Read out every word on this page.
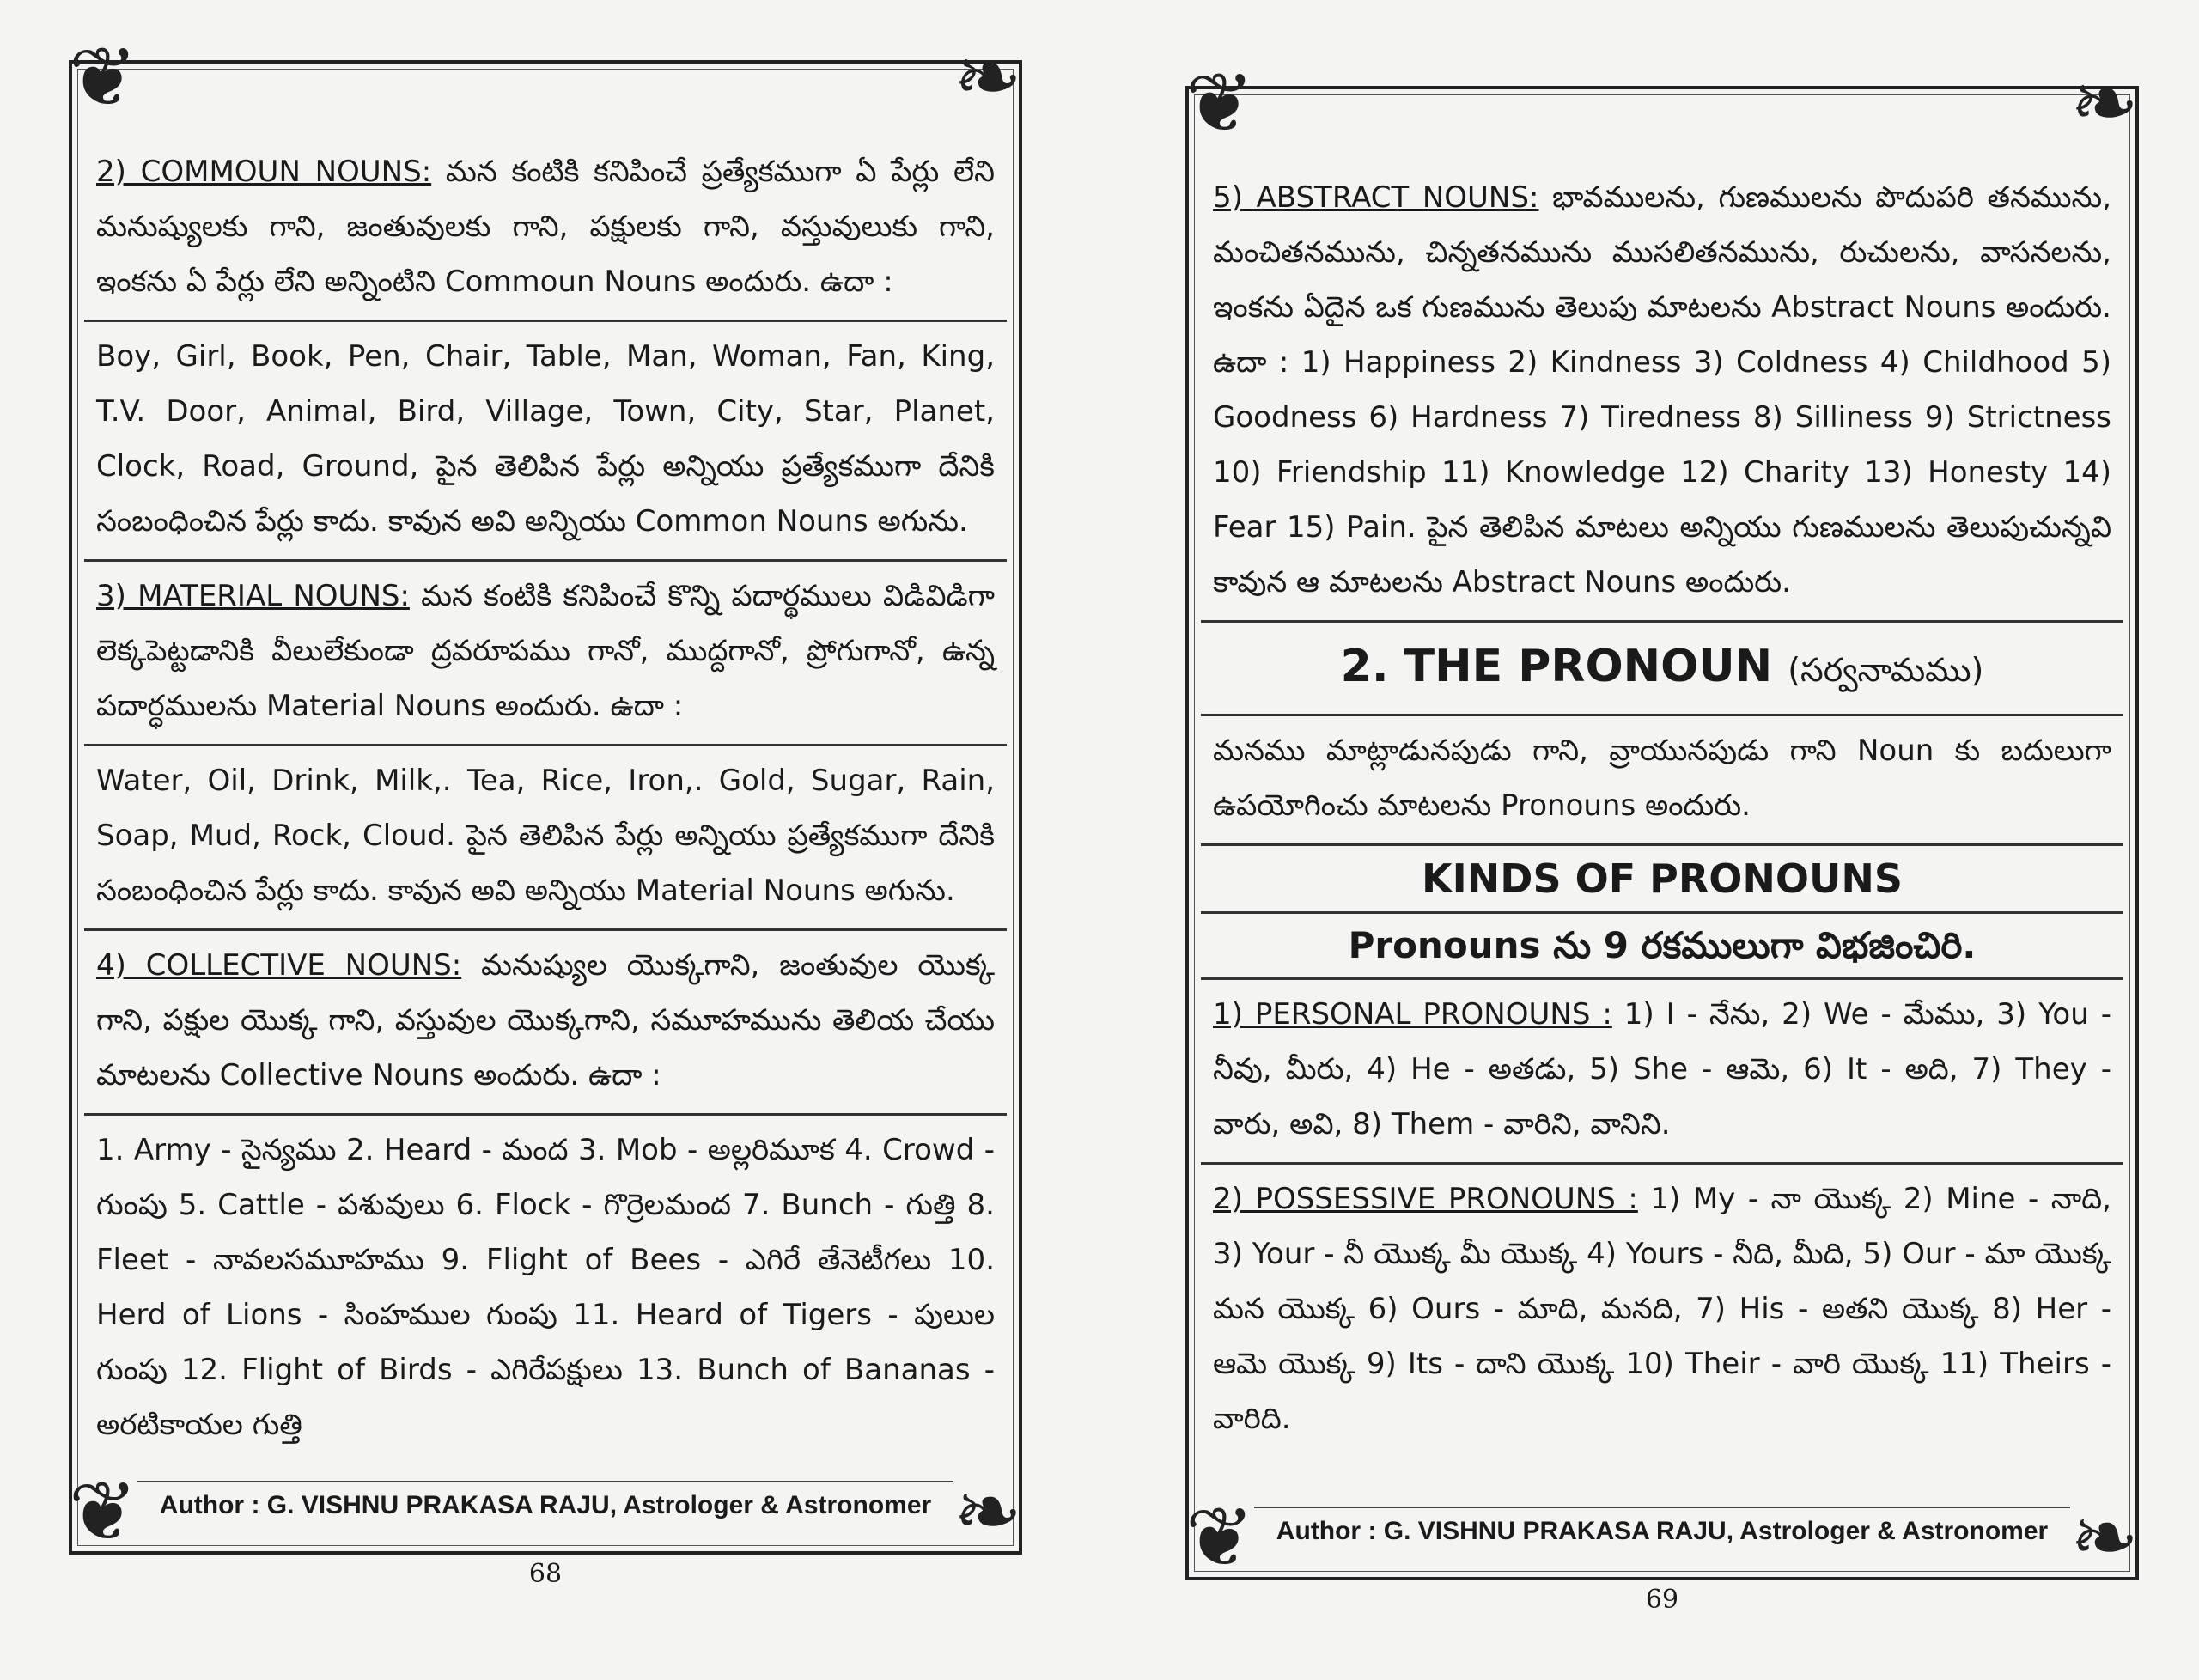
❦	❧
❦	❧
2) COMMOUN NOUNS: మన కంటికి కనిపించే ప్రత్యేకముగా ఏ పేర్లు లేని మనుష్యులకు గాని, జంతువులకు గాని, పక్షులకు గాని, వస్తువులుకు గాని, ఇంకను ఏ పేర్లు లేని అన్నింటిని Commoun Nouns అందురు. ఉదా :
Boy, Girl, Book, Pen, Chair, Table, Man, Woman, Fan, King, T.V. Door, Animal, Bird, Village, Town, City, Star, Planet, Clock, Road, Ground, పైన తెలిపిన పేర్లు అన్నియు ప్రత్యేకముగా దేనికి సంబంధించిన పేర్లు కాదు. కావున అవి అన్నియు Common Nouns అగును.
3) MATERIAL NOUNS: మన కంటికి కనిపించే కొన్ని పదార్థములు విడివిడిగా లెక్కపెట్టడానికి వీలులేకుండా ద్రవరూపము గానో, ముద్దగానో, ప్రోగుగానో, ఉన్న పదార్ధములను Material Nouns అందురు. ఉదా :
Water, Oil, Drink, Milk,. Tea, Rice, Iron,. Gold, Sugar, Rain, Soap, Mud, Rock, Cloud. పైన తెలిపిన పేర్లు అన్నియు ప్రత్యేకముగా దేనికి సంబంధించిన పేర్లు కాదు. కావున అవి అన్నియు Material Nouns అగును.
4) COLLECTIVE NOUNS: మనుష్యుల యొక్కగాని, జంతువుల యొక్క గాని, పక్షుల యొక్క గాని, వస్తువుల యొక్కగాని, సమూహమును తెలియ చేయు మాటలను Collective Nouns అందురు. ఉదా :
1. Army - సైన్యము 2. Heard - మంద 3. Mob - అల్లరిమూక 4. Crowd - గుంపు 5. Cattle - పశువులు 6. Flock - గొర్రెలమంద 7. Bunch - గుత్తి 8. Fleet - నావలసమూహము 9. Flight of Bees - ఎగిరే తేనెటీగలు 10. Herd of Lions - సింహముల గుంపు 11. Heard of Tigers - పులుల గుంపు 12. Flight of Birds - ఎగిరేపక్షులు 13. Bunch of Bananas - అరటికాయల గుత్తి
Author : G. VISHNU PRAKASA RAJU, Astrologer & Astronomer
68
❦	❧
❦	❧
5) ABSTRACT NOUNS: భావములను, గుణములను పొదుపరి తనమును, మంచితనమును, చిన్నతనమును ముసలితనమును, రుచులను, వాసనలను, ఇంకను ఏదైన ఒక గుణమును తెలుపు మాటలను Abstract Nouns అందురు. ఉదా : 1) Happiness 2) Kindness 3) Coldness 4) Childhood 5) Goodness 6) Hardness 7) Tiredness 8) Silliness 9) Strictness 10) Friendship 11) Knowledge 12) Charity 13) Honesty 14) Fear 15) Pain. పైన తెలిపిన మాటలు అన్నియు గుణములను తెలుపుచున్నవి కావున ఆ మాటలను Abstract Nouns అందురు.
2. THE PRONOUN (సర్వనామము)
మనము మాట్లాడునపుడు గాని, వ్రాయునపుడు గాని Noun కు బదులుగా ఉపయోగించు మాటలను Pronouns అందురు.
KINDS OF PRONOUNS
Pronouns ను 9 రకములుగా విభజించిరి.
1) PERSONAL PRONOUNS : 1) I - నేను, 2) We - మేము, 3) You - నీవు, మీరు, 4) He - అతడు, 5) She - ఆమె, 6) It - అది, 7) They - వారు, అవి, 8) Them - వారిని, వానిని.
2) POSSESSIVE PRONOUNS : 1) My - నా యొక్క 2) Mine - నాది, 3) Your - నీ యొక్క మీ యొక్క 4) Yours - నీది, మీది, 5) Our - మా యొక్క మన యొక్క 6) Ours - మాది, మనది, 7) His - అతని యొక్క 8) Her - ఆమె యొక్క 9) Its - దాని యొక్క 10) Their - వారి యొక్క 11) Theirs - వారిది.
Author : G. VISHNU PRAKASA RAJU, Astrologer & Astronomer
69
